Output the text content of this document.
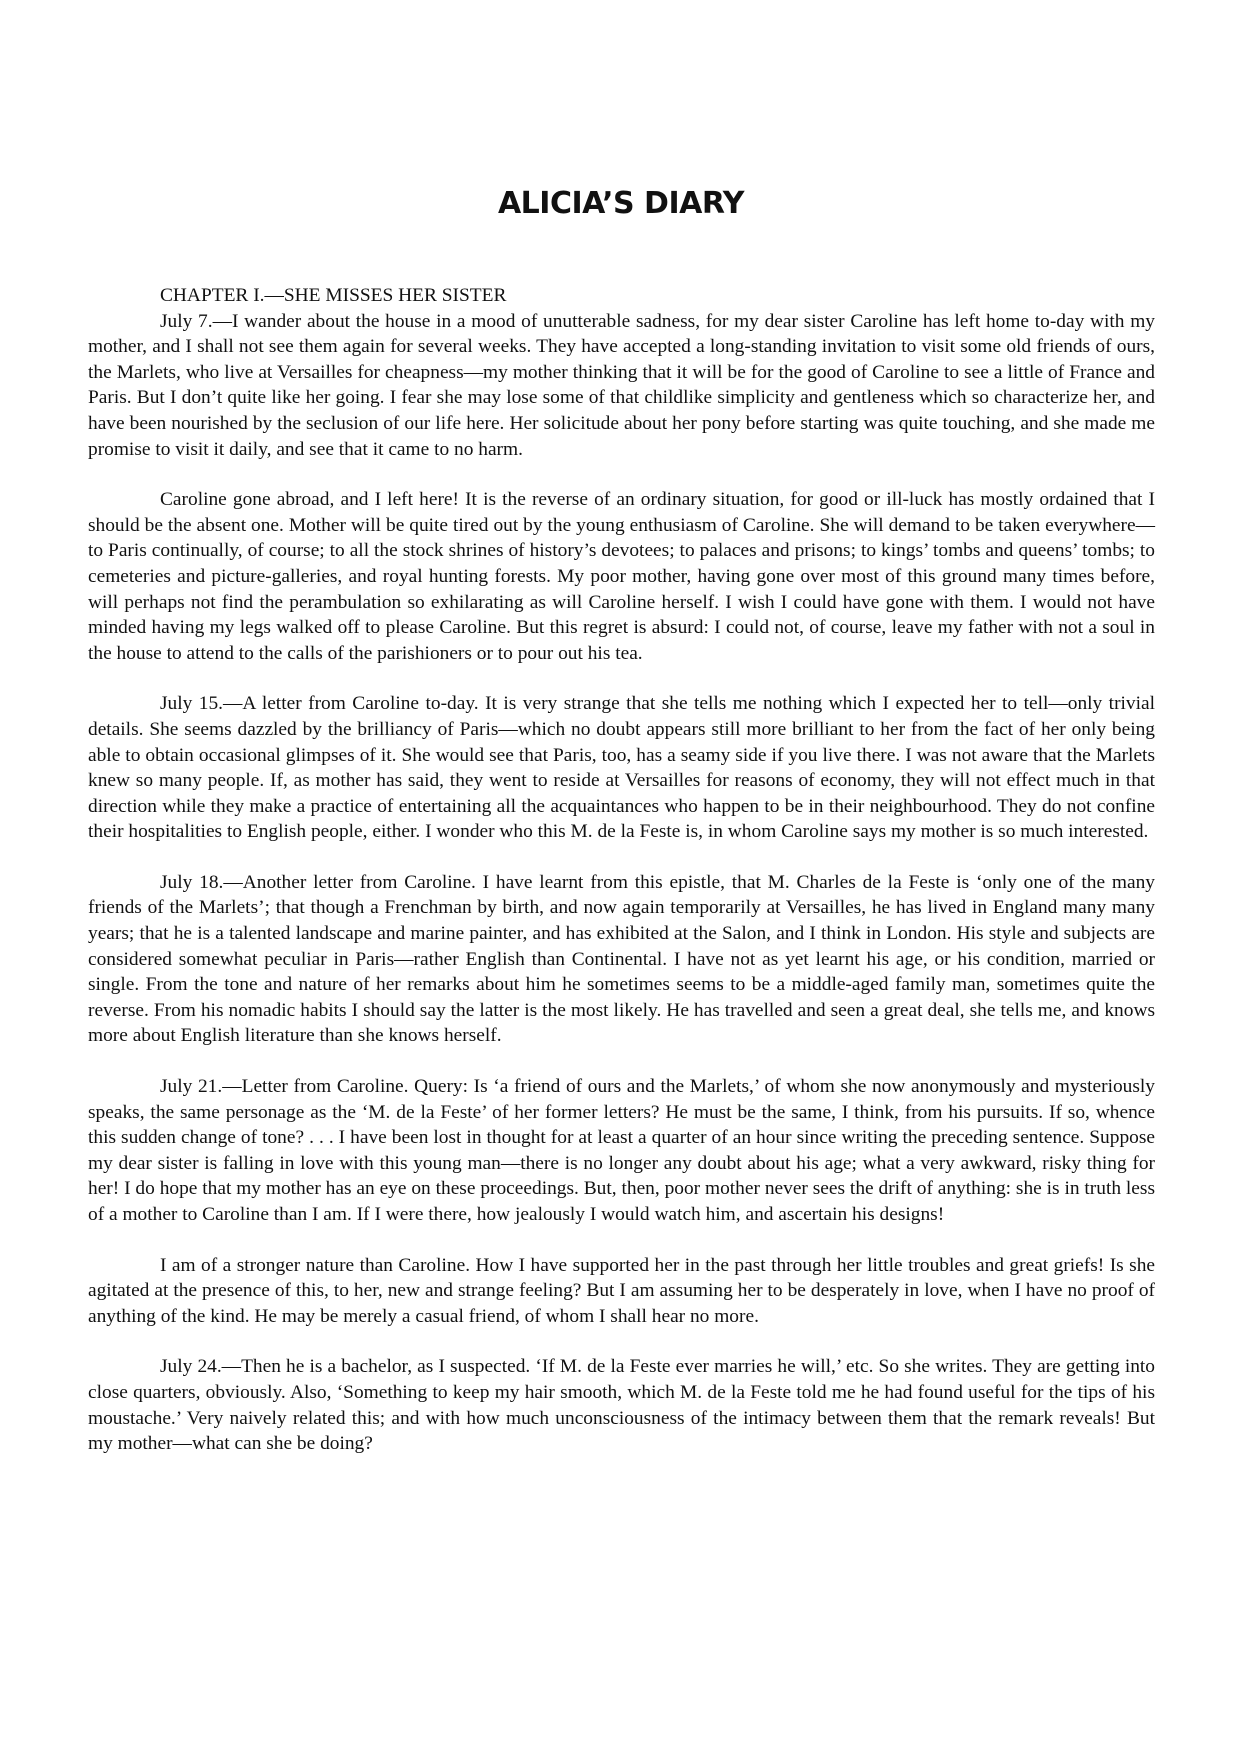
ALICIA’S DIARY

CHAPTER I.—SHE MISSES HER SISTER

July 7.—I wander about the house in a mood of unutterable sadness, for my dear sister Caroline has left home to-day with my mother, and I shall not see them again for several weeks. They have accepted a long-standing invitation to visit some old friends of ours, the Marlets, who live at Versailles for cheapness—my mother thinking that it will be for the good of Caroline to see a little of France and Paris. But I don’t quite like her going. I fear she may lose some of that childlike simplicity and gentleness which so characterize her, and have been nourished by the seclusion of our life here. Her solicitude about her pony before starting was quite touching, and she made me promise to visit it daily, and see that it came to no harm.

Caroline gone abroad, and I left here! It is the reverse of an ordinary situation, for good or ill-luck has mostly ordained that I should be the absent one. Mother will be quite tired out by the young enthusiasm of Caroline. She will demand to be taken everywhere—to Paris continually, of course; to all the stock shrines of history’s devotees; to palaces and prisons; to kings’ tombs and queens’ tombs; to cemeteries and picture-galleries, and royal hunting forests. My poor mother, having gone over most of this ground many times before, will perhaps not find the perambulation so exhilarating as will Caroline herself. I wish I could have gone with them. I would not have minded having my legs walked off to please Caroline. But this regret is absurd: I could not, of course, leave my father with not a soul in the house to attend to the calls of the parishioners or to pour out his tea.

July 15.—A letter from Caroline to-day. It is very strange that she tells me nothing which I expected her to tell—only trivial details. She seems dazzled by the brilliancy of Paris—which no doubt appears still more brilliant to her from the fact of her only being able to obtain occasional glimpses of it. She would see that Paris, too, has a seamy side if you live there. I was not aware that the Marlets knew so many people. If, as mother has said, they went to reside at Versailles for reasons of economy, they will not effect much in that direction while they make a practice of entertaining all the acquaintances who happen to be in their neighbourhood. They do not confine their hospitalities to English people, either. I wonder who this M. de la Feste is, in whom Caroline says my mother is so much interested.

July 18.—Another letter from Caroline. I have learnt from this epistle, that M. Charles de la Feste is ‘only one of the many friends of the Marlets’; that though a Frenchman by birth, and now again temporarily at Versailles, he has lived in England many many years; that he is a talented landscape and marine painter, and has exhibited at the Salon, and I think in London. His style and subjects are considered somewhat peculiar in Paris—rather English than Continental. I have not as yet learnt his age, or his condition, married or single. From the tone and nature of her remarks about him he sometimes seems to be a middle-aged family man, sometimes quite the reverse. From his nomadic habits I should say the latter is the most likely. He has travelled and seen a great deal, she tells me, and knows more about English literature than she knows herself.

July 21.—Letter from Caroline. Query: Is ‘a friend of ours and the Marlets,’ of whom she now anonymously and mysteriously speaks, the same personage as the ‘M. de la Feste’ of her former letters? He must be the same, I think, from his pursuits. If so, whence this sudden change of tone? . . . I have been lost in thought for at least a quarter of an hour since writing the preceding sentence. Suppose my dear sister is falling in love with this young man—there is no longer any doubt about his age; what a very awkward, risky thing for her! I do hope that my mother has an eye on these proceedings. But, then, poor mother never sees the drift of anything: she is in truth less of a mother to Caroline than I am. If I were there, how jealously I would watch him, and ascertain his designs!

I am of a stronger nature than Caroline. How I have supported her in the past through her little troubles and great griefs! Is she agitated at the presence of this, to her, new and strange feeling? But I am assuming her to be desperately in love, when I have no proof of anything of the kind. He may be merely a casual friend, of whom I shall hear no more.

July 24.—Then he is a bachelor, as I suspected. ‘If M. de la Feste ever marries he will,’ etc. So she writes. They are getting into close quarters, obviously. Also, ‘Something to keep my hair smooth, which M. de la Feste told me he had found useful for the tips of his moustache.’ Very naively related this; and with how much unconsciousness of the intimacy between them that the remark reveals! But my mother—what can she be doing?
